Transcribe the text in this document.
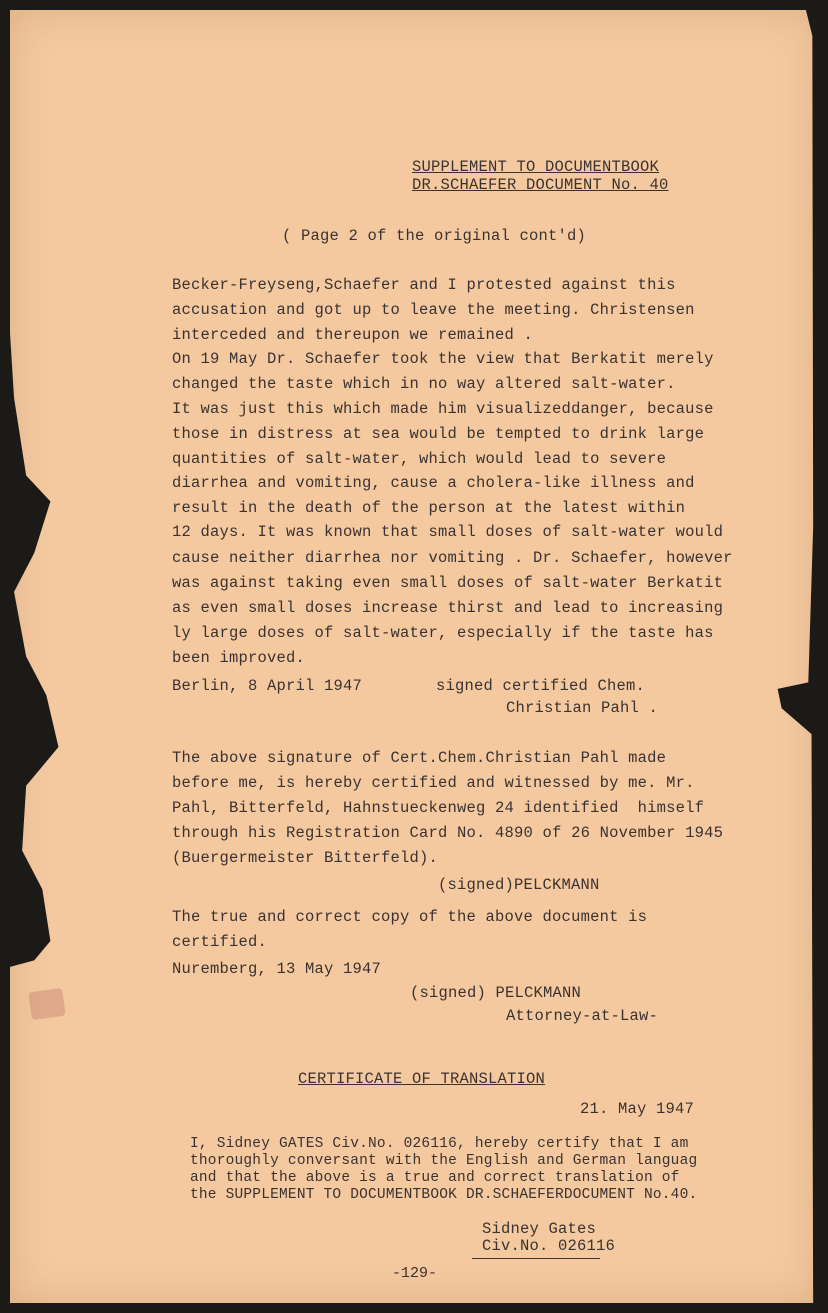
SUPPLEMENT TO DOCUMENTBOOK
DR.SCHAEFER DOCUMENT No. 40
( Page 2 of the original cont'd)
Becker-Freyseng,Schaefer and I protested against this
accusation and got up to leave the meeting. Christensen
interceded and thereupon we remained .
On 19 May Dr. Schaefer took the view that Berkatit merely
changed the taste which in no way altered salt-water.
It was just this which made him visualizeddanger, because
those in distress at sea would be tempted to drink large
quantities of salt-water, which would lead to severe
diarrhea and vomiting, cause a cholera-like illness and
result in the death of the person at the latest within
12 days. It was known that small doses of salt-water would
cause neither diarrhea nor vomiting . Dr. Schaefer, however
was against taking even small doses of salt-water Berkatit
as even small doses increase thirst and lead to increasing
ly large doses of salt-water, especially if the taste has
been improved.
Berlin, 8 April 1947	signed certified Chem.
Christian Pahl .
The above signature of Cert.Chem.Christian Pahl made
before me, is hereby certified and witnessed by me. Mr.
Pahl, Bitterfeld, Hahnstueckenweg 24 identified  himself
through his Registration Card No. 4890 of 26 November 1945
(Buergermeister Bitterfeld).
(signed)PELCKMANN
The true and correct copy of the above document is
certified.
Nuremberg, 13 May 1947
(signed) PELCKMANN
Attorney-at-Law-
CERTIFICATE OF TRANSLATION
21. May 1947
I, Sidney GATES Civ.No. 026116, hereby certify that I am
thoroughly conversant with the English and German languag
and that the above is a true and correct translation of
the SUPPLEMENT TO DOCUMENTBOOK DR.SCHAEFERDOCUMENT No.40.
Sidney Gates
Civ.No. 026116
-129-
